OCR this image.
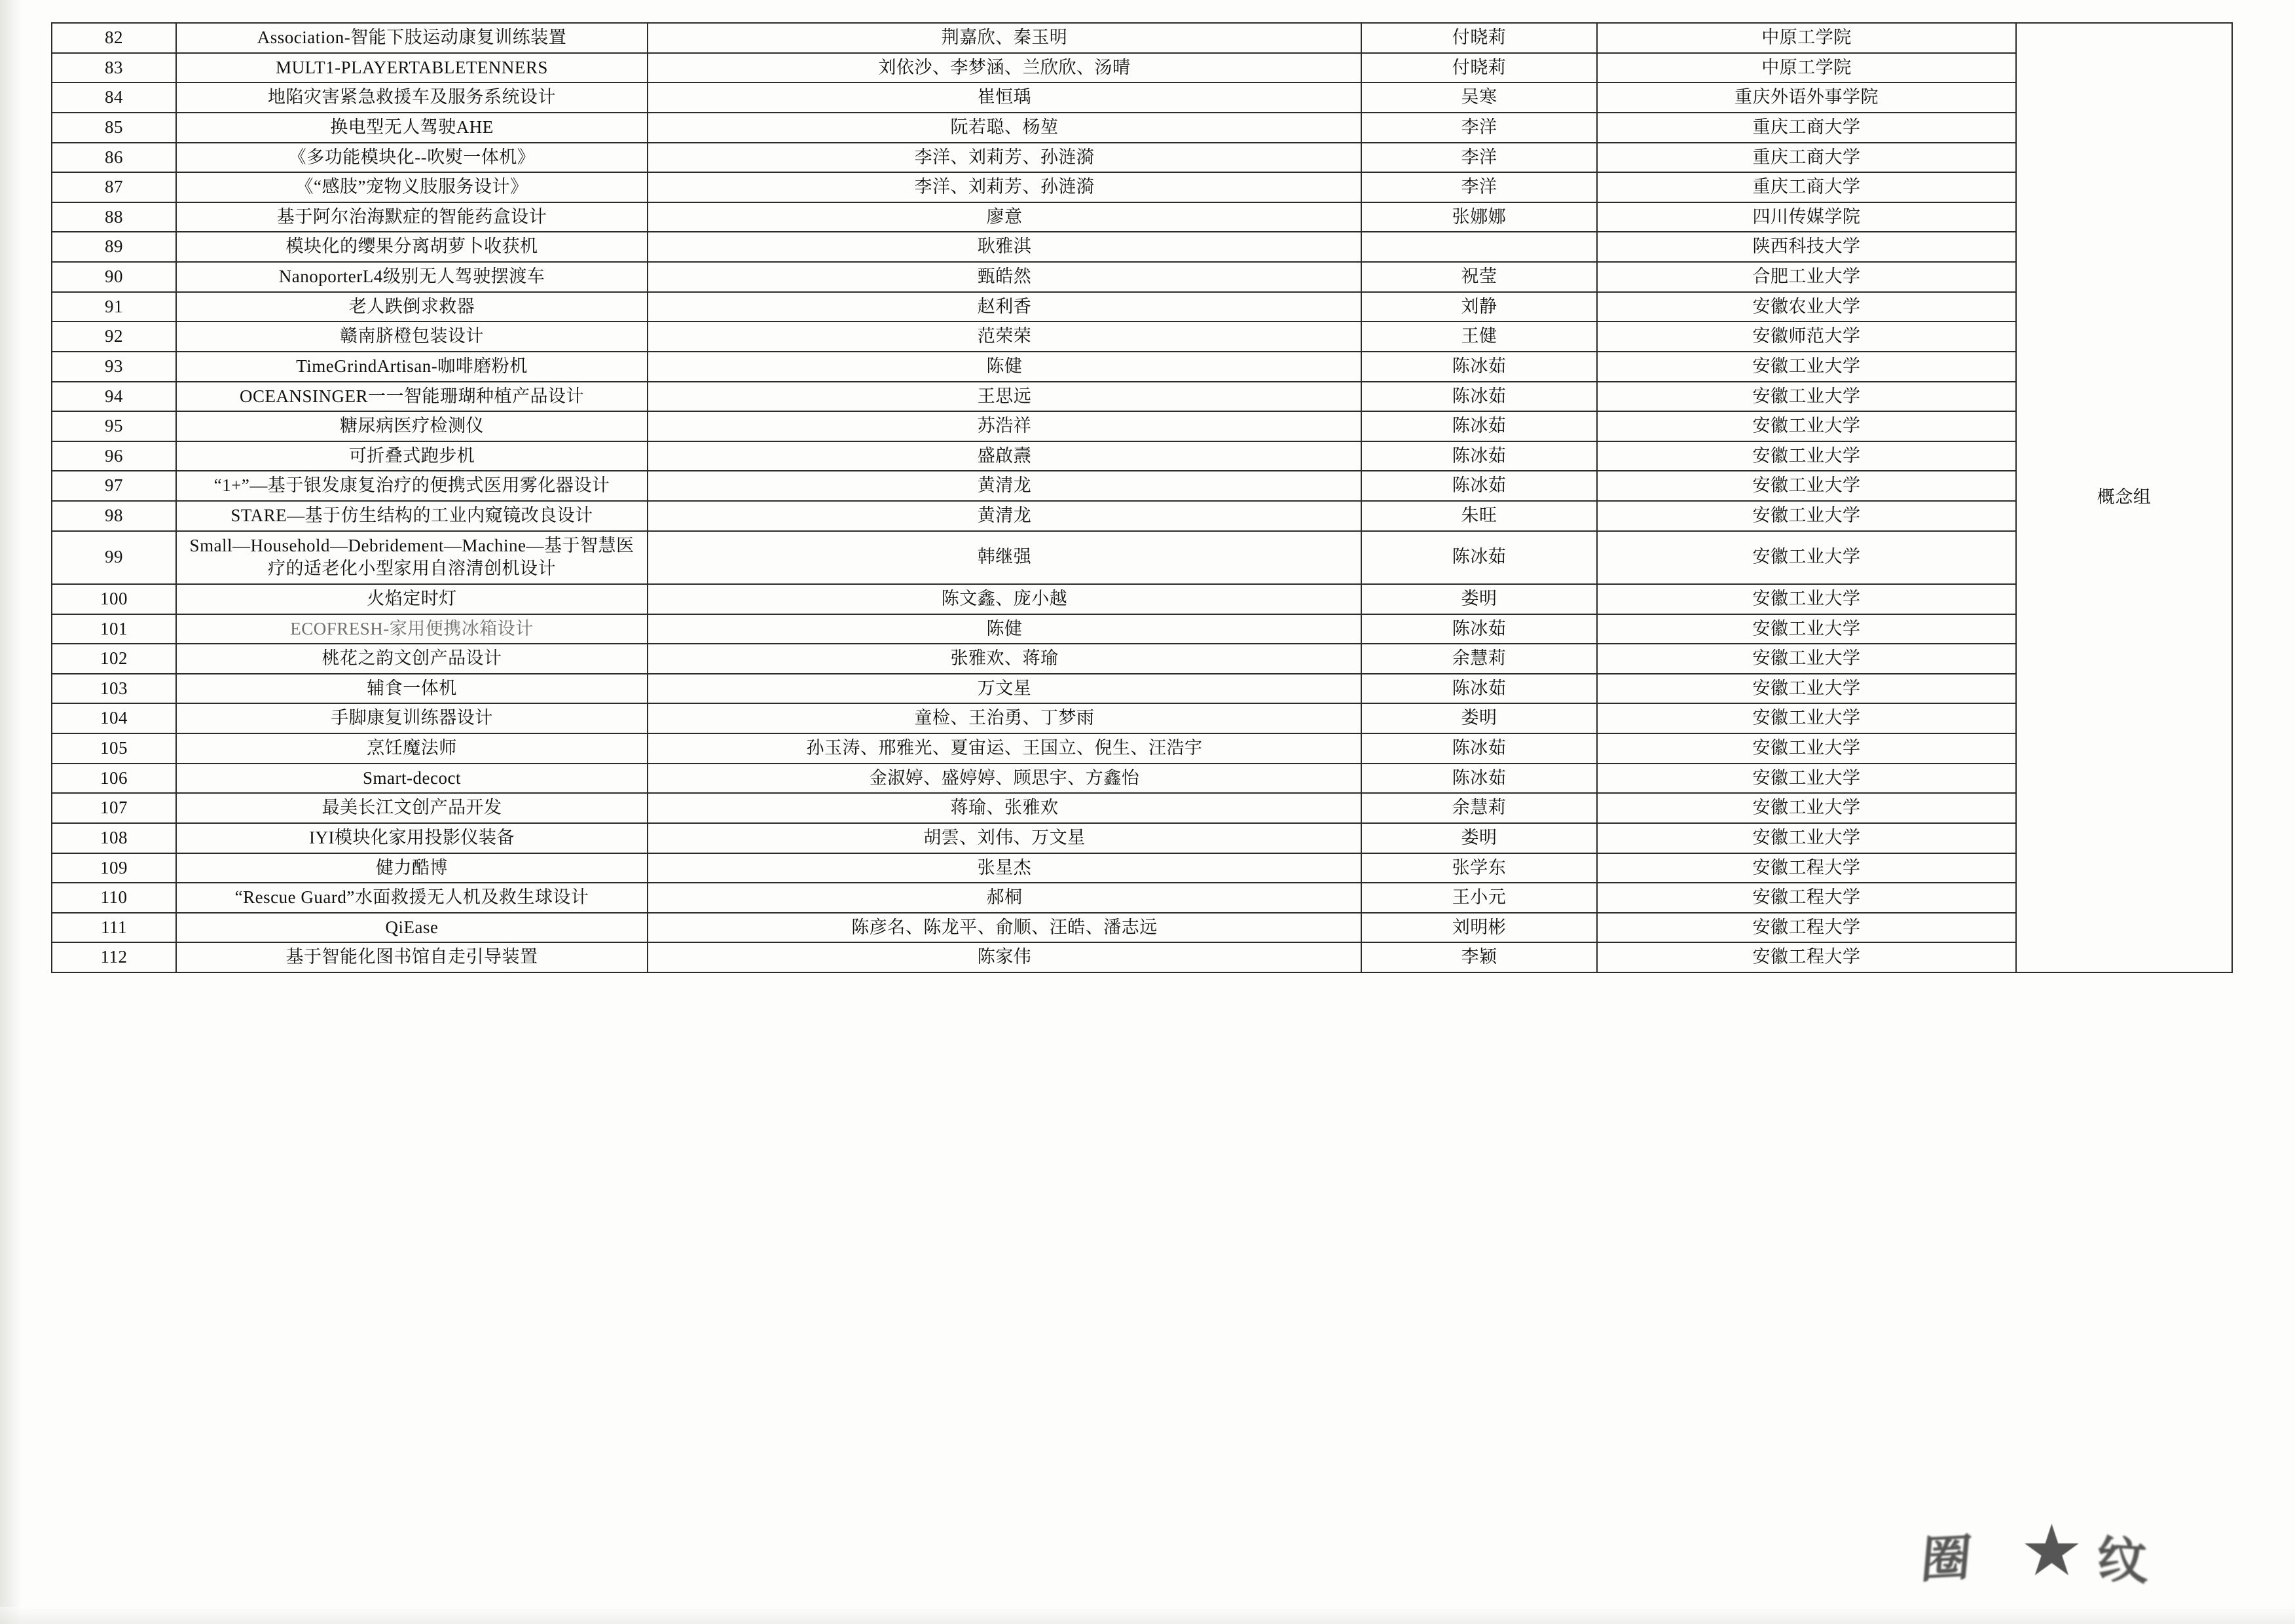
82	Association-智能下肢运动康复训练装置	荆嘉欣、秦玉明	付晓莉	中原工学院	概念组
83	MULT1-PLAYERTABLETENNERS	刘依沙、李梦涵、兰欣欣、汤晴	付晓莉	中原工学院	
84	地陷灾害紧急救援车及服务系统设计	崔恒瑀	吴寒	重庆外语外事学院	
85	换电型无人驾驶AHE	阮若聪、杨堃	李洋	重庆工商大学	
86	《多功能模块化--吹熨一体机》	李洋、刘莉芳、孙涟漪	李洋	重庆工商大学	
87	《“感肢”宠物义肢服务设计》	李洋、刘莉芳、孙涟漪	李洋	重庆工商大学	
88	基于阿尔治海默症的智能药盒设计	廖意	张娜娜	四川传媒学院	
89	模块化的缨果分离胡萝卜收获机	耿雅淇		陕西科技大学	
90	NanoporterL4级别无人驾驶摆渡车	甄皓然	祝莹	合肥工业大学	
91	老人跌倒求救器	赵利香	刘静	安徽农业大学	
92	赣南脐橙包装设计	范荣荣	王健	安徽师范大学	
93	TimeGrindArtisan-咖啡磨粉机	陈健	陈冰茹	安徽工业大学	
94	OCEANSINGER一一智能珊瑚种植产品设计	王思远	陈冰茹	安徽工业大学	
95	糖尿病医疗检测仪	苏浩祥	陈冰茹	安徽工业大学	
96	可折叠式跑步机	盛啟燾	陈冰茹	安徽工业大学	
97	“1+”—基于银发康复治疗的便携式医用雾化器设计	黄清龙	陈冰茹	安徽工业大学	
98	STARE—基于仿生结构的工业内窥镜改良设计	黄清龙	朱旺	安徽工业大学	
99	Small—Household—Debridement—Machine—基于智慧医疗的适老化小型家用自溶清创机设计	韩继强	陈冰茹	安徽工业大学	
100	火焰定时灯	陈文鑫、庞小越	娄明	安徽工业大学	
101	ECOFRESH-家用便携冰箱设计	陈健	陈冰茹	安徽工业大学	
102	桃花之韵文创产品设计	张雅欢、蒋瑜	余慧莉	安徽工业大学	
103	辅食一体机	万文星	陈冰茹	安徽工业大学	
104	手脚康复训练器设计	童检、王治勇、丁梦雨	娄明	安徽工业大学	
105	烹饪魔法师	孙玉涛、邢雅光、夏宙运、王国立、倪生、汪浩宇	陈冰茹	安徽工业大学	
106	Smart-decoct	金淑婷、盛婷婷、顾思宇、方鑫怡	陈冰茹	安徽工业大学	
107	最美长江文创产品开发	蒋瑜、张雅欢	余慧莉	安徽工业大学	
108	IYI模块化家用投影仪装备	胡雲、刘伟、万文星	娄明	安徽工业大学	
109	健力酷博	张星杰	张学东	安徽工程大学	
110	“Rescue Guard”水面救援无人机及救生球设计	郝桐	王小元	安徽工程大学	
111	QiEase	陈彦名、陈龙平、俞顺、汪皓、潘志远	刘明彬	安徽工程大学	
112	基于智能化图书馆自走引导装置	陈家伟	李颖	安徽工程大学	
圈 ★ 纹
